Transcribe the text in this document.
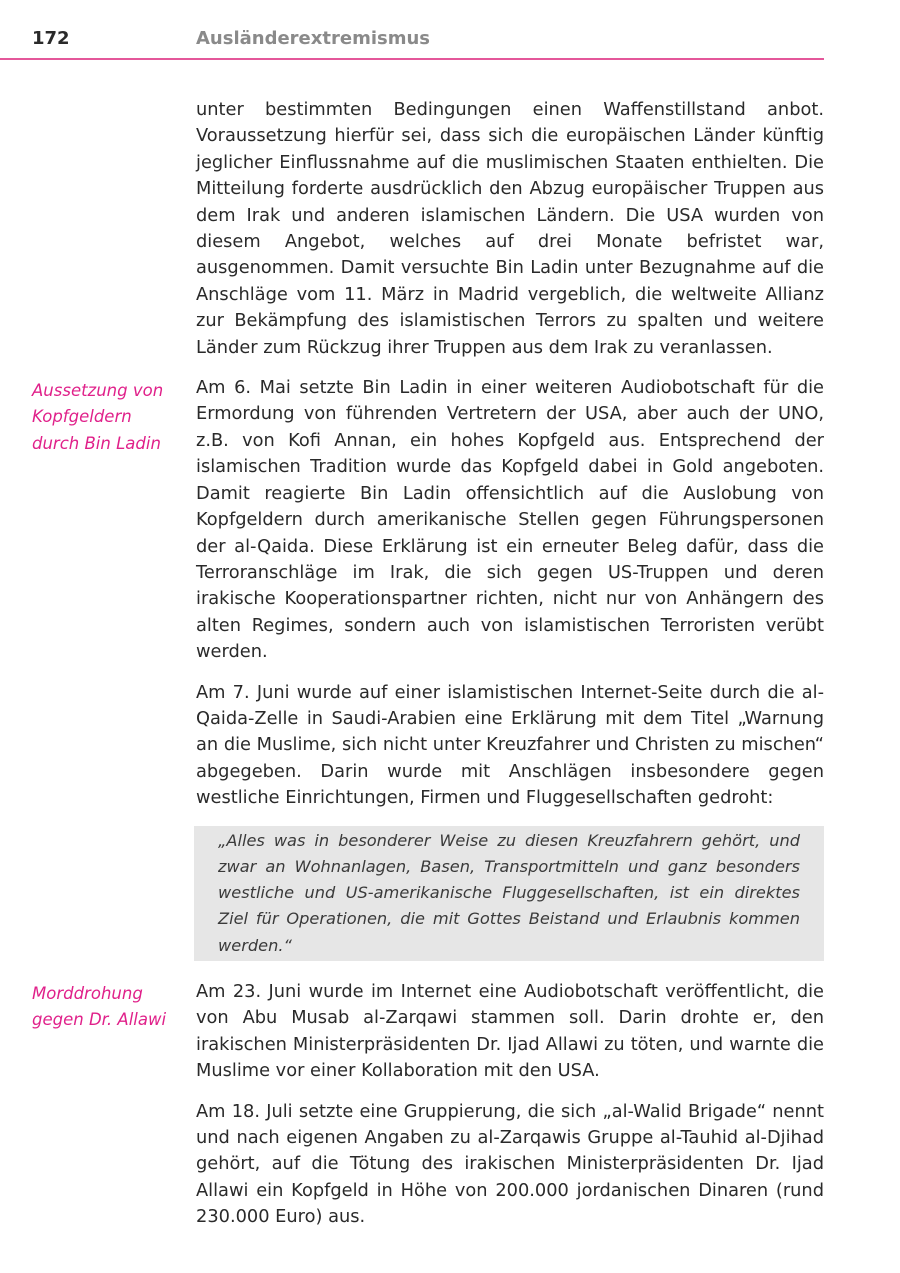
172	Ausländerextremismus
Aussetzung von Kopfgeldern durch Bin Ladin
Morddrohung gegen Dr. Allawi

unter bestimmten Bedingungen einen Waffenstillstand anbot. Voraussetzung hierfür sei, dass sich die europäischen Länder künftig jeglicher Einflussnahme auf die muslimischen Staaten enthielten. Die Mitteilung forderte ausdrücklich den Abzug europäischer Truppen aus dem Irak und anderen islamischen Ländern. Die USA wurden von diesem Angebot, welches auf drei Monate befristet war, ausgenommen. Damit versuchte Bin Ladin unter Bezugnahme auf die Anschläge vom 11. März in Madrid vergeblich, die weltweite Allianz zur Bekämpfung des islamistischen Terrors zu spalten und weitere Länder zum Rückzug ihrer Truppen aus dem Irak zu veranlassen.

Am 6. Mai setzte Bin Ladin in einer weiteren Audiobotschaft für die Ermordung von führenden Vertretern der USA, aber auch der UNO, z.B. von Kofi Annan, ein hohes Kopfgeld aus. Entsprechend der islamischen Tradition wurde das Kopfgeld dabei in Gold angeboten. Damit reagierte Bin Ladin offensichtlich auf die Auslobung von Kopfgeldern durch amerikanische Stellen gegen Führungspersonen der al-Qaida. Diese Erklärung ist ein erneuter Beleg dafür, dass die Terroranschläge im Irak, die sich gegen US-Truppen und deren irakische Kooperationspartner richten, nicht nur von Anhängern des alten Regimes, sondern auch von islamistischen Terroristen verübt werden.

Am 7. Juni wurde auf einer islamistischen Internet-Seite durch die al-Qaida-Zelle in Saudi-Arabien eine Erklärung mit dem Titel „Warnung an die Muslime, sich nicht unter Kreuzfahrer und Christen zu mischen“ abgegeben. Darin wurde mit Anschlägen insbesondere gegen westliche Einrichtungen, Firmen und Fluggesellschaften gedroht:

„Alles was in besonderer Weise zu diesen Kreuzfahrern gehört, und zwar an Wohnanlagen, Basen, Transportmitteln und ganz besonders westliche und US-amerikanische Fluggesellschaften, ist ein direktes Ziel für Operationen, die mit Gottes Beistand und Erlaubnis kommen werden.“

Am 23. Juni wurde im Internet eine Audiobotschaft veröffentlicht, die von Abu Musab al-Zarqawi stammen soll. Darin drohte er, den irakischen Ministerpräsidenten Dr. Ijad Allawi zu töten, und warnte die Muslime vor einer Kollaboration mit den USA.

Am 18. Juli setzte eine Gruppierung, die sich „al-Walid Brigade“ nennt und nach eigenen Angaben zu al-Zarqawis Gruppe al-Tauhid al-Djihad gehört, auf die Tötung des irakischen Ministerpräsidenten Dr. Ijad Allawi ein Kopfgeld in Höhe von 200.000 jordanischen Dinaren (rund 230.000 Euro) aus.
